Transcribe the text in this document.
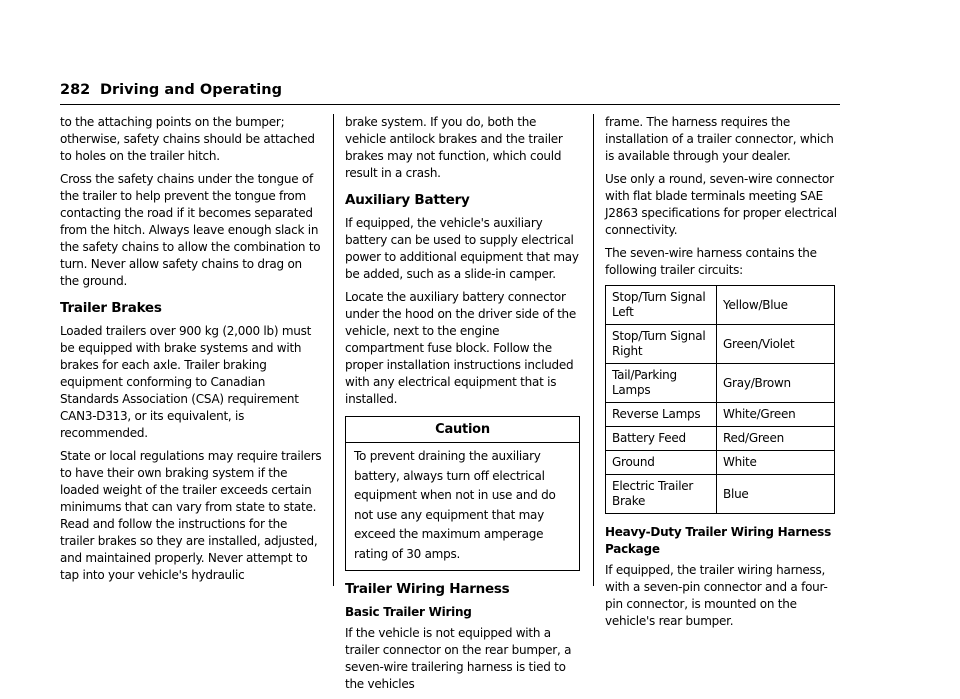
282 Driving and Operating

to the attaching points on the bumper; otherwise, safety chains should be attached to holes on the trailer hitch.

Cross the safety chains under the tongue of the trailer to help prevent the tongue from contacting the road if it becomes separated from the hitch. Always leave enough slack in the safety chains to allow the combination to turn. Never allow safety chains to drag on the ground.

Trailer Brakes

Loaded trailers over 900 kg (2,000 lb) must be equipped with brake systems and with brakes for each axle. Trailer braking equipment conforming to Canadian Standards Association (CSA) requirement CAN3-D313, or its equivalent, is recommended.

State or local regulations may require trailers to have their own braking system if the loaded weight of the trailer exceeds certain minimums that can vary from state to state. Read and follow the instructions for the trailer brakes so they are installed, adjusted, and maintained properly. Never attempt to tap into your vehicle's hydraulic

brake system. If you do, both the vehicle antilock brakes and the trailer brakes may not function, which could result in a crash.

Auxiliary Battery

If equipped, the vehicle's auxiliary battery can be used to supply electrical power to additional equipment that may be added, such as a slide-in camper.

Locate the auxiliary battery connector under the hood on the driver side of the vehicle, next to the engine compartment fuse block. Follow the proper installation instructions included with any electrical equipment that is installed.

Caution
To prevent draining the auxiliary battery, always turn off electrical equipment when not in use and do not use any equipment that may exceed the maximum amperage rating of 30 amps.
Trailer Wiring Harness
Basic Trailer Wiring

If the vehicle is not equipped with a trailer connector on the rear bumper, a seven-wire trailering harness is tied to the vehicles

frame. The harness requires the installation of a trailer connector, which is available through your dealer.

Use only a round, seven-wire connector with flat blade terminals meeting SAE J2863 specifications for proper electrical connectivity.

The seven-wire harness contains the following trailer circuits:

Stop/Turn Signal Left	Yellow/Blue
Stop/Turn Signal Right	Green/Violet
Tail/Parking Lamps	Gray/Brown
Reverse Lamps	White/Green
Battery Feed	Red/Green
Ground	White
Electric Trailer Brake	Blue
Heavy-Duty Trailer Wiring Harness Package

If equipped, the trailer wiring harness, with a seven-pin connector and a four-pin connector, is mounted on the vehicle's rear bumper.
